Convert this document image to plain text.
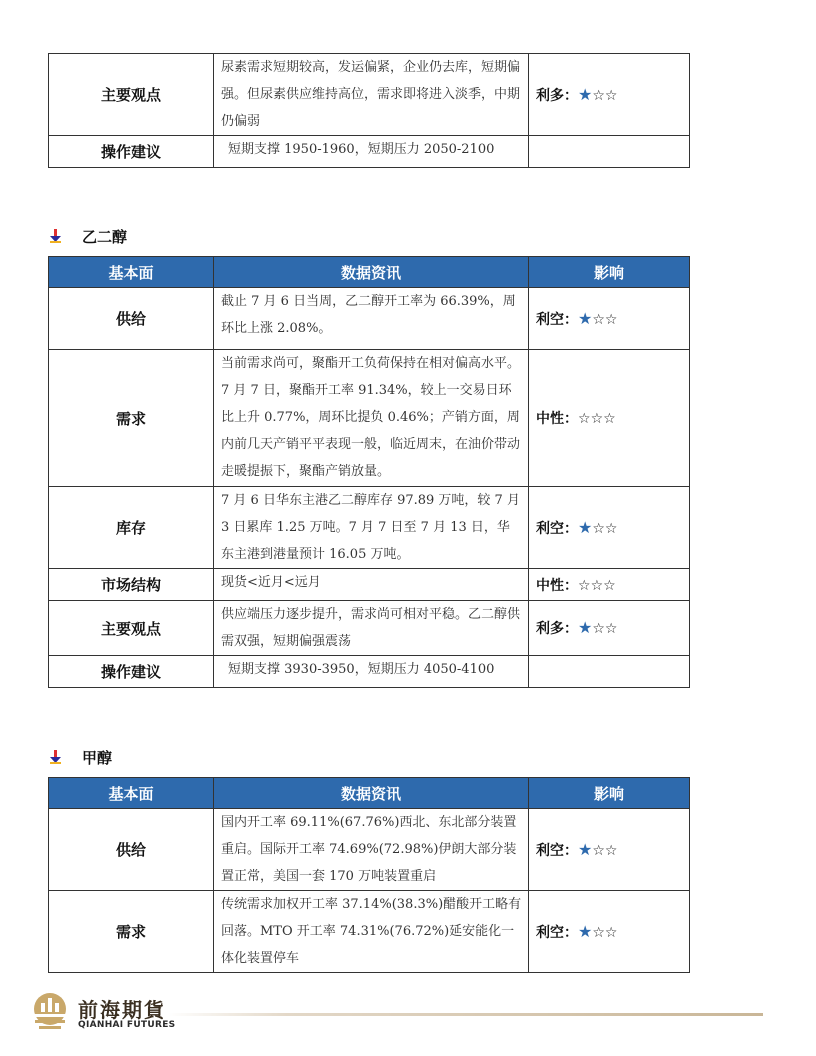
主要观点	尿素需求短期较高，发运偏紧，企业仍去库，短期偏强。但尿素供应维持高位，需求即将进入淡季，中期仍偏弱	利多：★☆☆
操作建议	短期支撑 1950-1960，短期压力 2050-2100	
乙二醇
基本面	数据资讯	影响
供给	截止 7 月 6 日当周，乙二醇开工率为 66.39%，周环比上涨 2.08%。	利空：★☆☆
需求	当前需求尚可，聚酯开工负荷保持在相对偏高水平。7 月 7 日，聚酯开工率 91.34%，较上一交易日环比上升 0.77%，周环比提负 0.46%；产销方面，周内前几天产销平平表现一般，临近周末，在油价带动走暖提振下，聚酯产销放量。	中性：☆☆☆
库存	7 月 6 日华东主港乙二醇库存 97.89 万吨，较 7 月 3 日累库 1.25 万吨。7 月 7 日至 7 月 13 日，华东主港到港量预计 16.05 万吨。	利空：★☆☆
市场结构	现货<近月<远月	中性：☆☆☆
主要观点	供应端压力逐步提升，需求尚可相对平稳。乙二醇供需双强，短期偏强震荡	利多：★☆☆
操作建议	短期支撑 3930-3950，短期压力 4050-4100	
甲醇
基本面	数据资讯	影响
供给	国内开工率 69.11%(67.76%)西北、东北部分装置重启。国际开工率 74.69%(72.98%)伊朗大部分装置正常，美国一套 170 万吨装置重启	利空：★☆☆
需求	传统需求加权开工率 37.14%(38.3%)醋酸开工略有回落。MTO 开工率 74.31%(76.72%)延安能化一体化装置停车	利空：★☆☆
前海期貨
QIANHAI FUTURES
